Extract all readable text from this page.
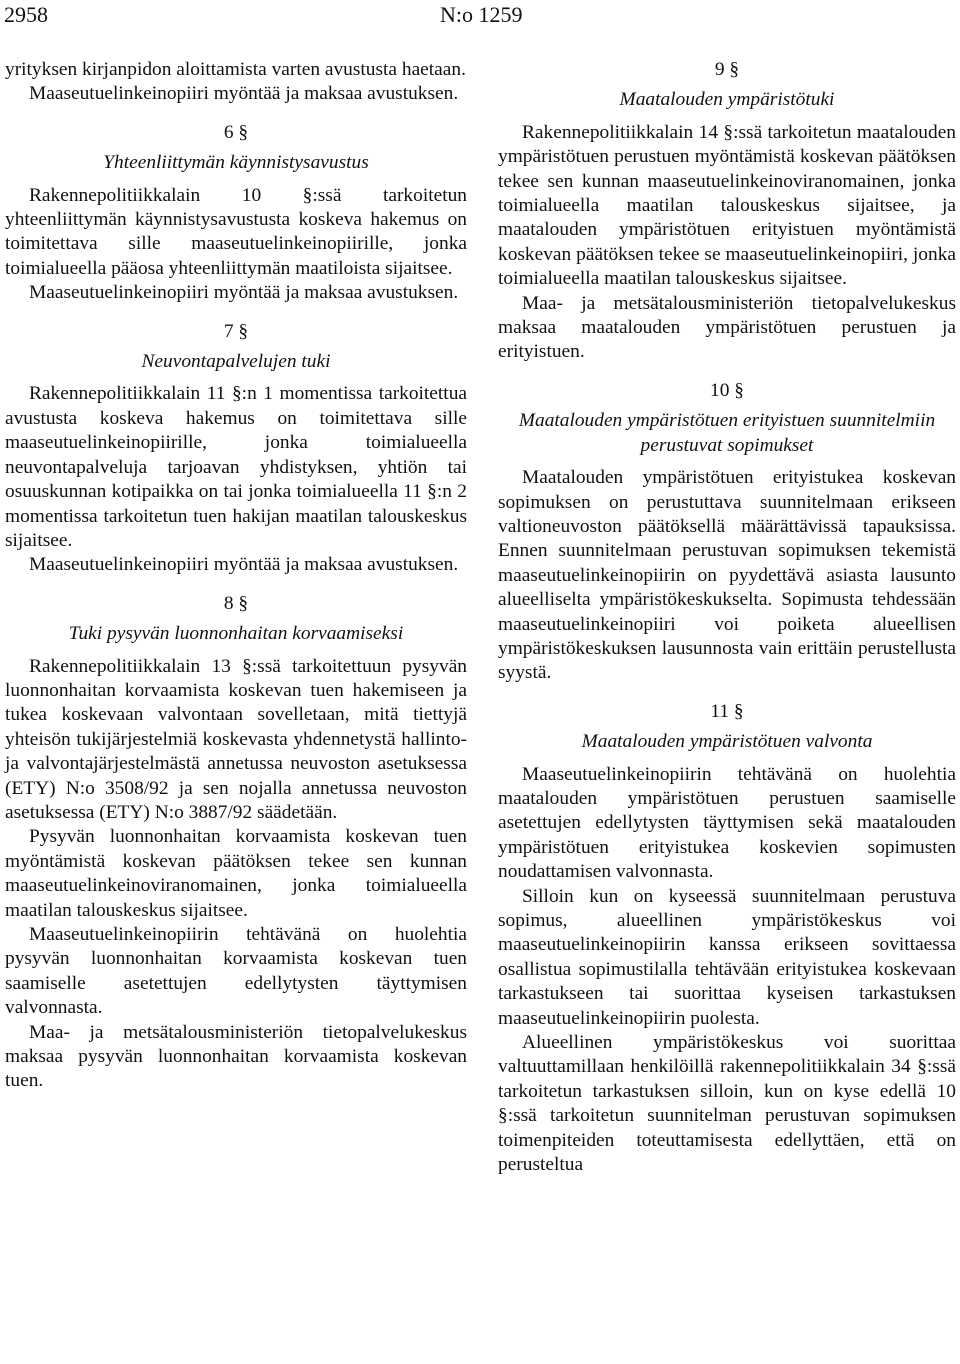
2958	N:o 1259

yrityksen kirjanpidon aloittamista varten avustusta haetaan.

Maaseutuelinkeinopiiri myöntää ja maksaa avustuksen.

6 §

Yhteenliittymän käynnistysavustus

Rakennepolitiikkalain 10 §:ssä tarkoitetun yhteenliittymän käynnistysavustusta koskeva hakemus on toimitettava sille maaseutuelinkeinopiirille, jonka toimialueella pääosa yhteenliittymän maatiloista sijaitsee.

Maaseutuelinkeinopiiri myöntää ja maksaa avustuksen.

7 §

Neuvontapalvelujen tuki

Rakennepolitiikkalain 11 §:n 1 momentissa tarkoitettua avustusta koskeva hakemus on toimitettava sille maaseutuelinkeinopiirille, jonka toimialueella neuvontapalveluja tarjoavan yhdistyksen, yhtiön tai osuuskunnan kotipaikka on tai jonka toimialueella 11 §:n 2 momentissa tarkoitetun tuen hakijan maatilan talouskeskus sijaitsee.

Maaseutuelinkeinopiiri myöntää ja maksaa avustuksen.

8 §

Tuki pysyvän luonnonhaitan korvaamiseksi

Rakennepolitiikkalain 13 §:ssä tarkoitettuun pysyvän luonnonhaitan korvaamista koskevan tuen hakemiseen ja tukea koskevaan valvontaan sovelletaan, mitä tiettyjä yhteisön tukijärjestelmiä koskevasta yhdennetystä hallinto- ja valvontajärjestelmästä annetussa neuvoston asetuksessa (ETY) N:o 3508/92 ja sen nojalla annetussa neuvoston asetuksessa (ETY) N:o 3887/92 säädetään.

Pysyvän luonnonhaitan korvaamista koskevan tuen myöntämistä koskevan päätöksen tekee sen kunnan maaseutuelinkeinoviranomainen, jonka toimialueella maatilan talouskeskus sijaitsee.

Maaseutuelinkeinopiirin tehtävänä on huolehtia pysyvän luonnonhaitan korvaamista koskevan tuen saamiselle asetettujen edellytysten täyttymisen valvonnasta.

Maa- ja metsätalousministeriön tietopalvelukeskus maksaa pysyvän luonnonhaitan korvaamista koskevan tuen.

9 §

Maatalouden ympäristötuki

Rakennepolitiikkalain 14 §:ssä tarkoitetun maatalouden ympäristötuen perustuen myöntämistä koskevan päätöksen tekee sen kunnan maaseutuelinkeinoviranomainen, jonka toimialueella maatilan talouskeskus sijaitsee, ja maatalouden ympäristötuen erityistuen myöntämistä koskevan päätöksen tekee se maaseutuelinkeinopiiri, jonka toimialueella maatilan talouskeskus sijaitsee.

Maa- ja metsätalousministeriön tietopalvelukeskus maksaa maatalouden ympäristötuen perustuen ja erityistuen.

10 §

Maatalouden ympäristötuen erityistuen suunnitelmiin perustuvat sopimukset

Maatalouden ympäristötuen erityistukea koskevan sopimuksen on perustuttava suunnitelmaan erikseen valtioneuvoston päätöksellä määrättävissä tapauksissa. Ennen suunnitelmaan perustuvan sopimuksen tekemistä maaseutuelinkeinopiirin on pyydettävä asiasta lausunto alueelliselta ympäristökeskukselta. Sopimusta tehdessään maaseutuelinkeinopiiri voi poiketa alueellisen ympäristökeskuksen lausunnosta vain erittäin perustellusta syystä.

11 §

Maatalouden ympäristötuen valvonta

Maaseutuelinkeinopiirin tehtävänä on huolehtia maatalouden ympäristötuen perustuen saamiselle asetettujen edellytysten täyttymisen sekä maatalouden ympäristötuen erityistukea koskevien sopimusten noudattamisen valvonnasta.

Silloin kun on kyseessä suunnitelmaan perustuva sopimus, alueellinen ympäristökeskus voi maaseutuelinkeinopiirin kanssa erikseen sovittaessa osallistua sopimustilalla tehtävään erityistukea koskevaan tarkastukseen tai suorittaa kyseisen tarkastuksen maaseutuelinkeinopiirin puolesta.

Alueellinen ympäristökeskus voi suorittaa valtuuttamillaan henkilöillä rakennepolitiikkalain 34 §:ssä tarkoitetun tarkastuksen silloin, kun on kyse edellä 10 §:ssä tarkoitetun suunnitelman perustuvan sopimuksen toimenpiteiden toteuttamisesta edellyttäen, että on perusteltua
